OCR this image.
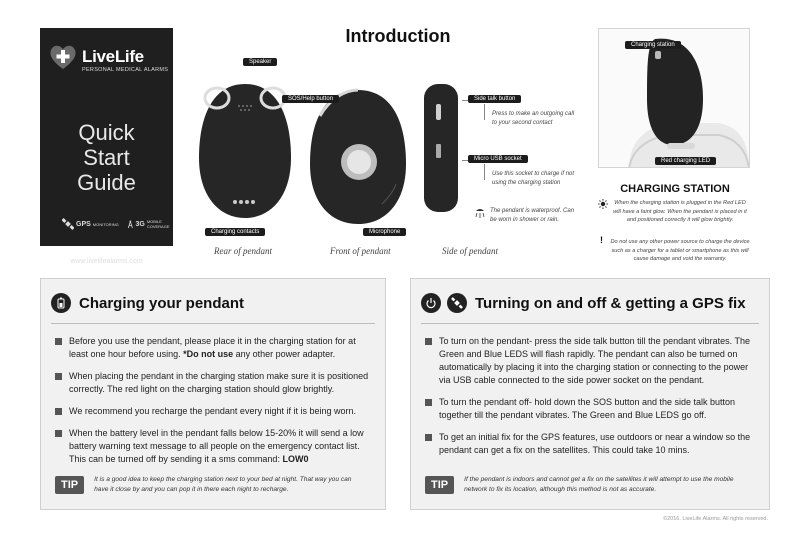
LiveLife
PERSONAL MEDICAL ALARMS
Quick
Start
Guide
GPS MONITORING 3G MOBILE COVERAGE
www.livelifealarms.com
Introduction
Speaker
Charging contacts
Rear of pendant
SOS/Help button
Microphone
Front of pendant
Side talk button
Press to make an outgoing call to your second contact
Micro USB socket
Use this socket to charge if not using the charging station
The pendant is waterproof. Can be worn in shower or rain.
Side of pendant
Charging station
Red charging LED
CHARGING STATION
When the charging station is plugged in the Red LED will have a faint glow. When the pendant is placed in it and positioned correctly it will glow brightly.
! Do not use any other power source to charge the device such as a charger for a tablet or smartphone as this will cause damage and void the warranty.
Charging your pendant
Before you use the pendant, please place it in the charging station for at least one hour before using. *Do not use any other power adapter.
When placing the pendant in the charging station make sure it is positioned correctly. The red light on the charging station should glow brightly.
We recommend you recharge the pendant every night if it is being worn.
When the battery level in the pendant falls below 15-20% it will send a low battery warning text message to all people on the emergency contact list. This can be turned off by sending it a sms command: LOW0
TIP	It is a good idea to keep the charging station next to your bed at night. That way you can have it close by and you can pop it in there each night to recharge.
Turning on and off & getting a GPS fix
To turn on the pendant- press the side talk button till the pendant vibrates. The Green and Blue LEDS will flash rapidly. The pendant can also be turned on automatically by placing it into the charging station or connecting to the power via USB cable connected to the side power socket on the pendant.
To turn the pendant off- hold down the SOS button and the side talk button together till the pendant vibrates. The Green and Blue LEDS go off.
To get an initial fix for the GPS features, use outdoors or near a window so the pendant can get a fix on the satellites. This could take 10 mins.
TIP	If the pendant is indoors and cannot get a fix on the satellites it will attempt to use the mobile network to fix its location, although this method is not as accurate.
©2016. LiveLife Alarms. All rights reserved.
